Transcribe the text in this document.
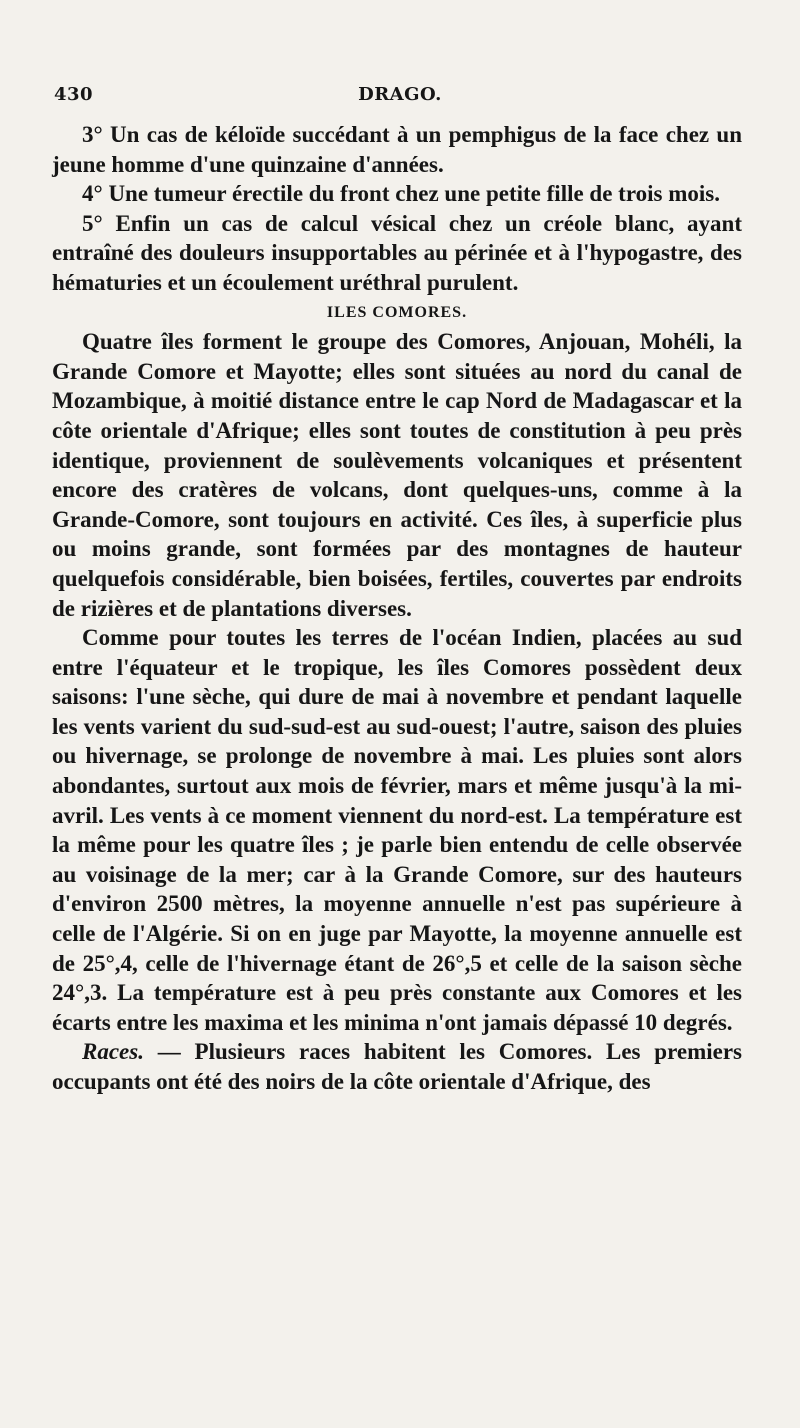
430	DRAGO.

3° Un cas de kéloïde succédant à un pemphigus de la face chez un jeune homme d'une quinzaine d'années.

4° Une tumeur érectile du front chez une petite fille de trois mois.

5° Enfin un cas de calcul vésical chez un créole blanc, ayant entraîné des douleurs insupportables au périnée et à l'hypogastre, des hématuries et un écoulement uréthral purulent.

ILES COMORES.

Quatre îles forment le groupe des Comores, Anjouan, Mohéli, la Grande Comore et Mayotte; elles sont situées au nord du canal de Mozambique, à moitié distance entre le cap Nord de Madagascar et la côte orientale d'Afrique; elles sont toutes de constitution à peu près identique, proviennent de soulèvements volcaniques et présentent encore des cratères de volcans, dont quelques-uns, comme à la Grande-Comore, sont toujours en activité. Ces îles, à superficie plus ou moins grande, sont formées par des montagnes de hauteur quelquefois considérable, bien boisées, fertiles, couvertes par endroits de rizières et de plantations diverses.

Comme pour toutes les terres de l'océan Indien, placées au sud entre l'équateur et le tropique, les îles Comores possèdent deux saisons: l'une sèche, qui dure de mai à novembre et pendant laquelle les vents varient du sud-sud-est au sud-ouest; l'autre, saison des pluies ou hivernage, se prolonge de novembre à mai. Les pluies sont alors abondantes, surtout aux mois de février, mars et même jusqu'à la mi-avril. Les vents à ce moment viennent du nord-est. La température est la même pour les quatre îles ; je parle bien entendu de celle observée au voisinage de la mer; car à la Grande Comore, sur des hauteurs d'environ 2500 mètres, la moyenne annuelle n'est pas supérieure à celle de l'Algérie. Si on en juge par Mayotte, la moyenne annuelle est de 25°,4, celle de l'hivernage étant de 26°,5 et celle de la saison sèche 24°,3. La température est à peu près constante aux Comores et les écarts entre les maxima et les minima n'ont jamais dépassé 10 degrés.

Races. — Plusieurs races habitent les Comores. Les premiers occupants ont été des noirs de la côte orientale d'Afrique, des
